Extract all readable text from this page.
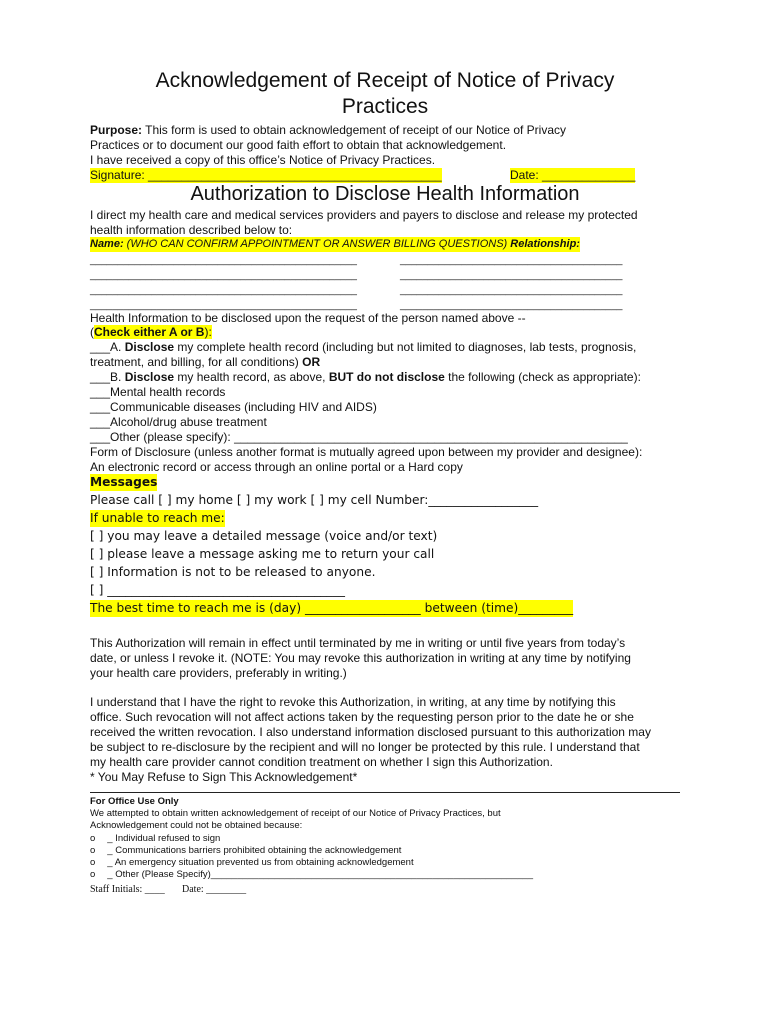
Acknowledgement of Receipt of Notice of Privacy
Practices
Purpose: This form is used to obtain acknowledgement of receipt of our Notice of Privacy
Practices or to document our good faith effort to obtain that acknowledgement.
I have received a copy of this office’s Notice of Privacy Practices.
Signature: ____________________________________________	Date: ______________
Authorization to Disclose Health Information
I direct my health care and medical services providers and payers to disclose and release my protected
health information described below to:
Name: (WHO CAN CONFIRM APPOINTMENT OR ANSWER BILLING QUESTIONS) Relationship:
________________________________________________	________________________________________
________________________________________________	________________________________________
________________________________________________	________________________________________
________________________________________________	________________________________________
Health Information to be disclosed upon the request of the person named above --
(Check either A or B):
___A. Disclose my complete health record (including but not limited to diagnoses, lab tests, prognosis,
treatment, and billing, for all conditions) OR
___B. Disclose my health record, as above, BUT do not disclose the following (check as appropriate):
___Mental health records
___Communicable diseases (including HIV and AIDS)
___Alcohol/drug abuse treatment
___Other (please specify): ___________________________________________________________
Form of Disclosure (unless another format is mutually agreed upon between my provider and designee):
An electronic record or access through an online portal or a Hard copy
Messages
Please call [ ] my home [ ] my work [ ] my cell Number:__________________
If unable to reach me:
[ ] you may leave a detailed message (voice and/or text)
[ ] please leave a message asking me to return your call
[ ] Information is not to be released to anyone.
[ ] _______________________________________
The best time to reach me is (day) ___________________ between (time)_________
This Authorization will remain in effect until terminated by me in writing or until five years from today’s
date, or unless I revoke it. (NOTE: You may revoke this authorization in writing at any time by notifying
your health care providers, preferably in writing.)
I understand that I have the right to revoke this Authorization, in writing, at any time by notifying this
office. Such revocation will not affect actions taken by the requesting person prior to the date he or she
received the written revocation. I also understand information disclosed pursuant to this authorization may
be subject to re-disclosure by the recipient and will no longer be protected by this rule. I understand that
my health care provider cannot condition treatment on whether I sign this Authorization.
* You May Refuse to Sign This Acknowledgement*
For Office Use Only
We attempted to obtain written acknowledgement of receipt of our Notice of Privacy Practices, but
Acknowledgement could not be obtained because:
o _ Individual refused to sign
o _ Communications barriers prohibited obtaining the acknowledgement
o _ An emergency situation prevented us from obtaining acknowledgement
o _ Other (Please Specify)_____________________________________________________________
Staff Initials: ____ Date: ________
